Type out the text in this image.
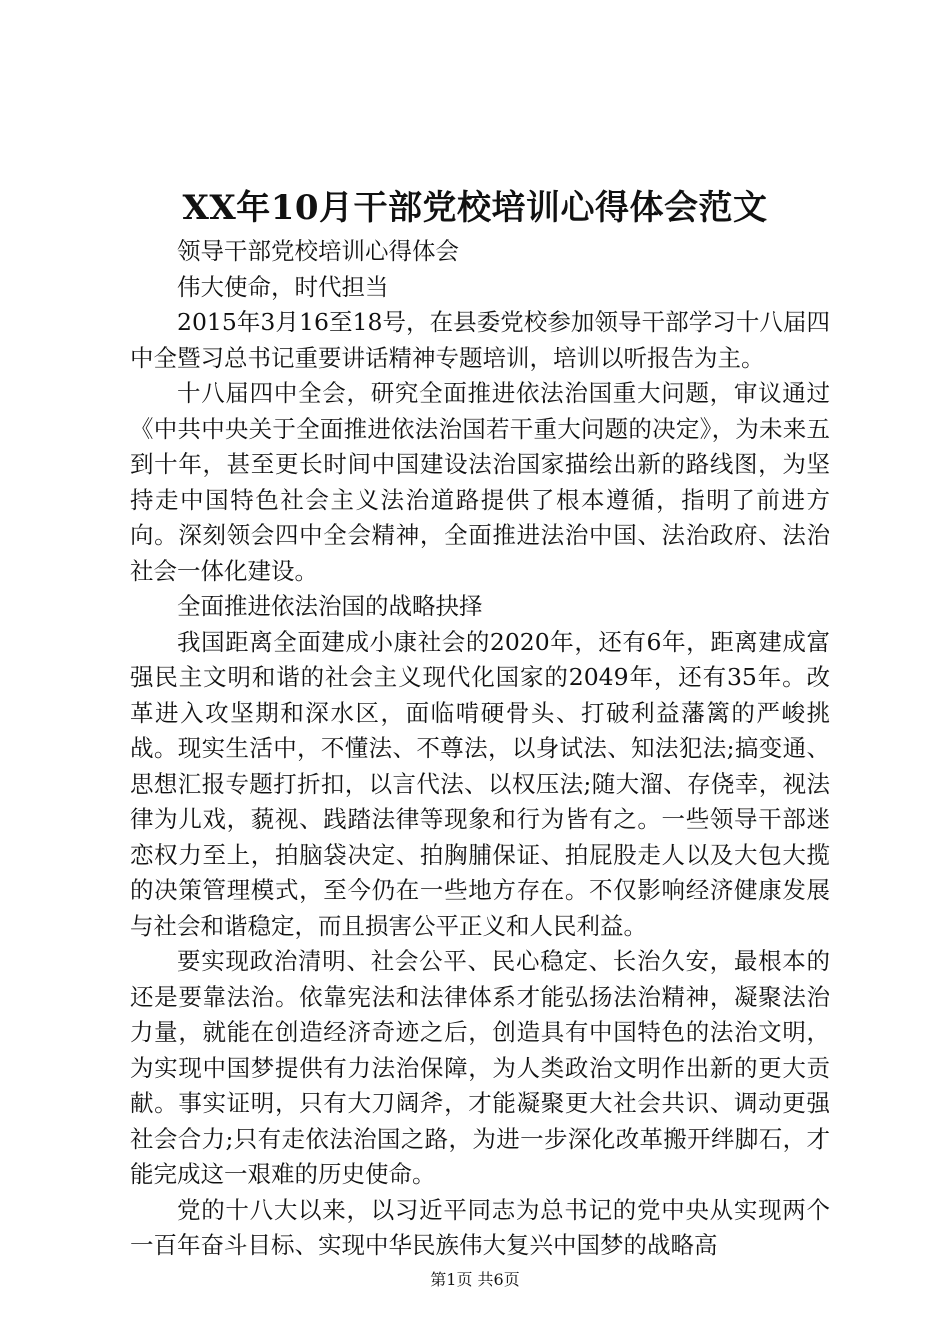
XX年10月干部党校培训心得体会范文

领导干部党校培训心得体会

伟大使命，时代担当

2015年3月16至18号，在县委党校参加领导干部学习十八届四中全暨习总书记重要讲话精神专题培训，培训以听报告为主。

十八届四中全会，研究全面推进依法治国重大问题，审议通过《中共中央关于全面推进依法治国若干重大问题的决定》，为未来五到十年，甚至更长时间中国建设法治国家描绘出新的路线图，为坚持走中国特色社会主义法治道路提供了根本遵循，指明了前进方向。深刻领会四中全会精神，全面推进法治中国、法治政府、法治社会一体化建设。

全面推进依法治国的战略抉择

我国距离全面建成小康社会的2020年，还有6年，距离建成富强民主文明和谐的社会主义现代化国家的2049年，还有35年。改革进入攻坚期和深水区，面临啃硬骨头、打破利益藩篱的严峻挑战。现实生活中，不懂法、不尊法，以身试法、知法犯法;搞变通、思想汇报专题打折扣，以言代法、以权压法;随大溜、存侥幸，视法律为儿戏，藐视、践踏法律等现象和行为皆有之。一些领导干部迷恋权力至上，拍脑袋决定、拍胸脯保证、拍屁股走人以及大包大揽的决策管理模式，至今仍在一些地方存在。不仅影响经济健康发展与社会和谐稳定，而且损害公平正义和人民利益。

要实现政治清明、社会公平、民心稳定、长治久安，最根本的还是要靠法治。依靠宪法和法律体系才能弘扬法治精神，凝聚法治力量，就能在创造经济奇迹之后，创造具有中国特色的法治文明，为实现中国梦提供有力法治保障，为人类政治文明作出新的更大贡献。事实证明，只有大刀阔斧，才能凝聚更大社会共识、调动更强社会合力;只有走依法治国之路，为进一步深化改革搬开绊脚石，才能完成这一艰难的历史使命。

党的十八大以来，以习近平同志为总书记的党中央从实现两个一百年奋斗目标、实现中华民族伟大复兴中国梦的战略高

第1页 共6页
